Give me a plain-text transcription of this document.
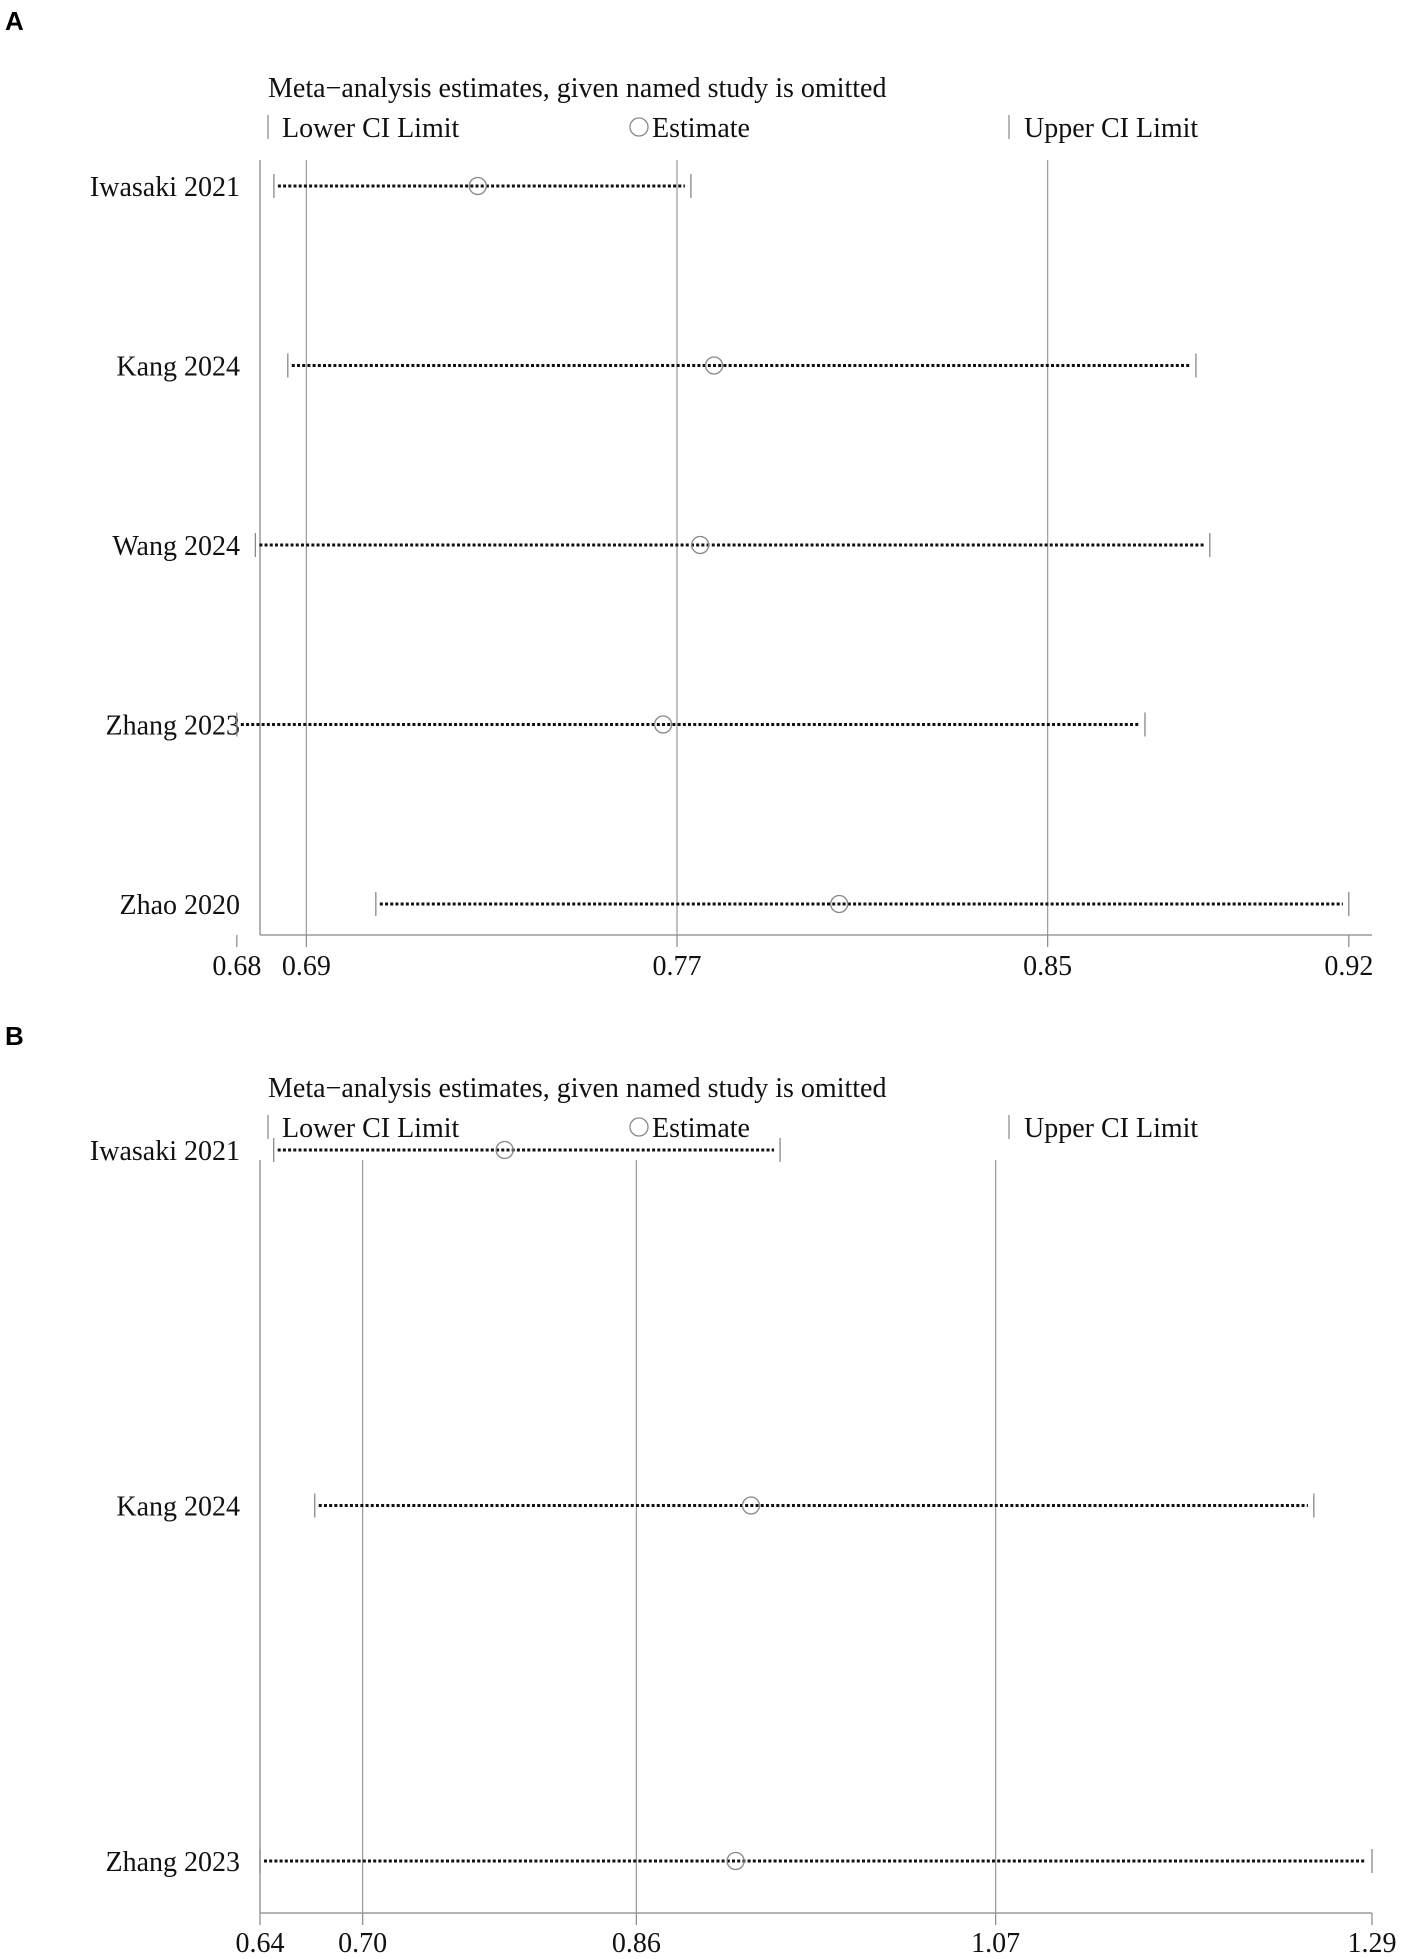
A
Meta−analysis estimates, given named study is omitted
Lower CI Limit	Estimate	Upper CI Limit
0.68 0.69	0.77	0.85	0.92
Iwasaki 2021
Kang 2024
Wang 2024
Zhang 2023
Zhao 2020
B
Meta−analysis estimates, given named study is omitted
Lower CI Limit	Estimate	Upper CI Limit
0.64 0.70	0.86	1.07	1.29
Iwasaki 2021
Kang 2024
Zhang 2023
